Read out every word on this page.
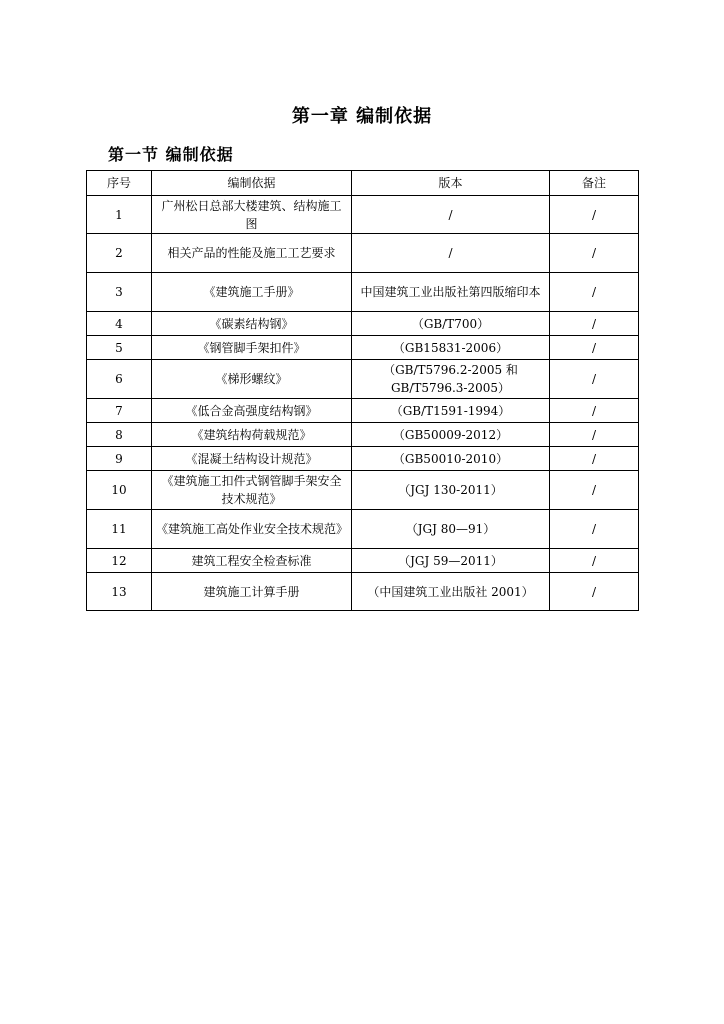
第一章 编制依据
第一节 编制依据
序号	编制依据	版本	备注
1	广州松日总部大楼建筑、结构施工图	/	/
2	相关产品的性能及施工工艺要求	/	/
3	《建筑施工手册》	中国建筑工业出版社第四版缩印本	/
4	《碳素结构钢》	（GB/T700）	/
5	《钢管脚手架扣件》	（GB15831-2006）	/
6	《梯形螺纹》	（GB/T5796.2-2005 和 GB/T5796.3-2005）	/
7	《低合金高强度结构钢》	（GB/T1591-1994）	/
8	《建筑结构荷载规范》	（GB50009-2012）	/
9	《混凝土结构设计规范》	（GB50010-2010）	/
10	《建筑施工扣件式钢管脚手架安全技术规范》	（JGJ 130-2011）	/
11	《建筑施工高处作业安全技术规范》	（JGJ 80—91）	/
12	建筑工程安全检查标准	（JGJ 59—2011）	/
13	建筑施工计算手册	（中国建筑工业出版社 2001）	/
